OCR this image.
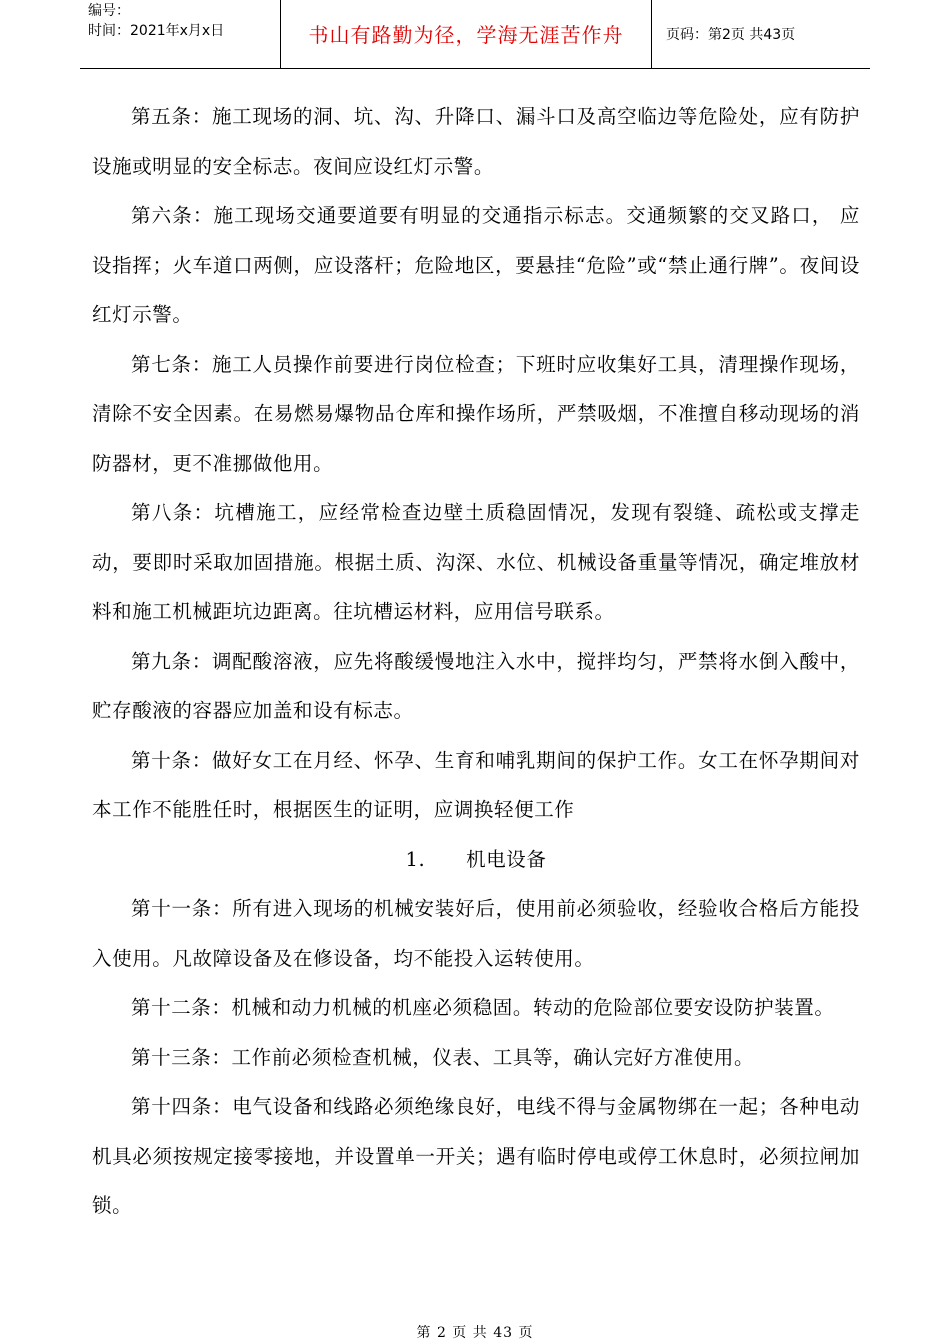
编号：
时间：2021年x月x日	书山有路勤为径，学海无涯苦作舟	页码：第2页 共43页

第五条：施工现场的洞、坑、沟、升降口、漏斗口及高空临边等危险处，应有防护设施或明显的安全标志。夜间应设红灯示警。

第六条：施工现场交通要道要有明显的交通指示标志。交通频繁的交叉路口， 应设指挥；火车道口两侧，应设落杆；危险地区，要悬挂“危险”或“禁止通行牌”。夜间设红灯示警。

第七条：施工人员操作前要进行岗位检查；下班时应收集好工具，清理操作现场，清除不安全因素。在易燃易爆物品仓库和操作场所，严禁吸烟，不准擅自移动现场的消防器材，更不准挪做他用。

第八条：坑槽施工，应经常检查边壁土质稳固情况，发现有裂缝、疏松或支撑走动，要即时采取加固措施。根据土质、沟深、水位、机械设备重量等情况，确定堆放材料和施工机械距坑边距离。往坑槽运材料，应用信号联系。

第九条：调配酸溶液，应先将酸缓慢地注入水中，搅拌均匀，严禁将水倒入酸中，贮存酸液的容器应加盖和设有标志。

第十条：做好女工在月经、怀孕、生育和哺乳期间的保护工作。女工在怀孕期间对本工作不能胜任时，根据医生的证明，应调换轻便工作

1.      机电设备

第十一条：所有进入现场的机械安装好后，使用前必须验收，经验收合格后方能投入使用。凡故障设备及在修设备，均不能投入运转使用。

第十二条：机械和动力机械的机座必须稳固。转动的危险部位要安设防护装置。

第十三条：工作前必须检查机械，仪表、工具等，确认完好方准使用。

第十四条：电气设备和线路必须绝缘良好，电线不得与金属物绑在一起；各种电动机具必须按规定接零接地，并设置单一开关；遇有临时停电或停工休息时，必须拉闸加锁。

第 2 页 共 43 页
